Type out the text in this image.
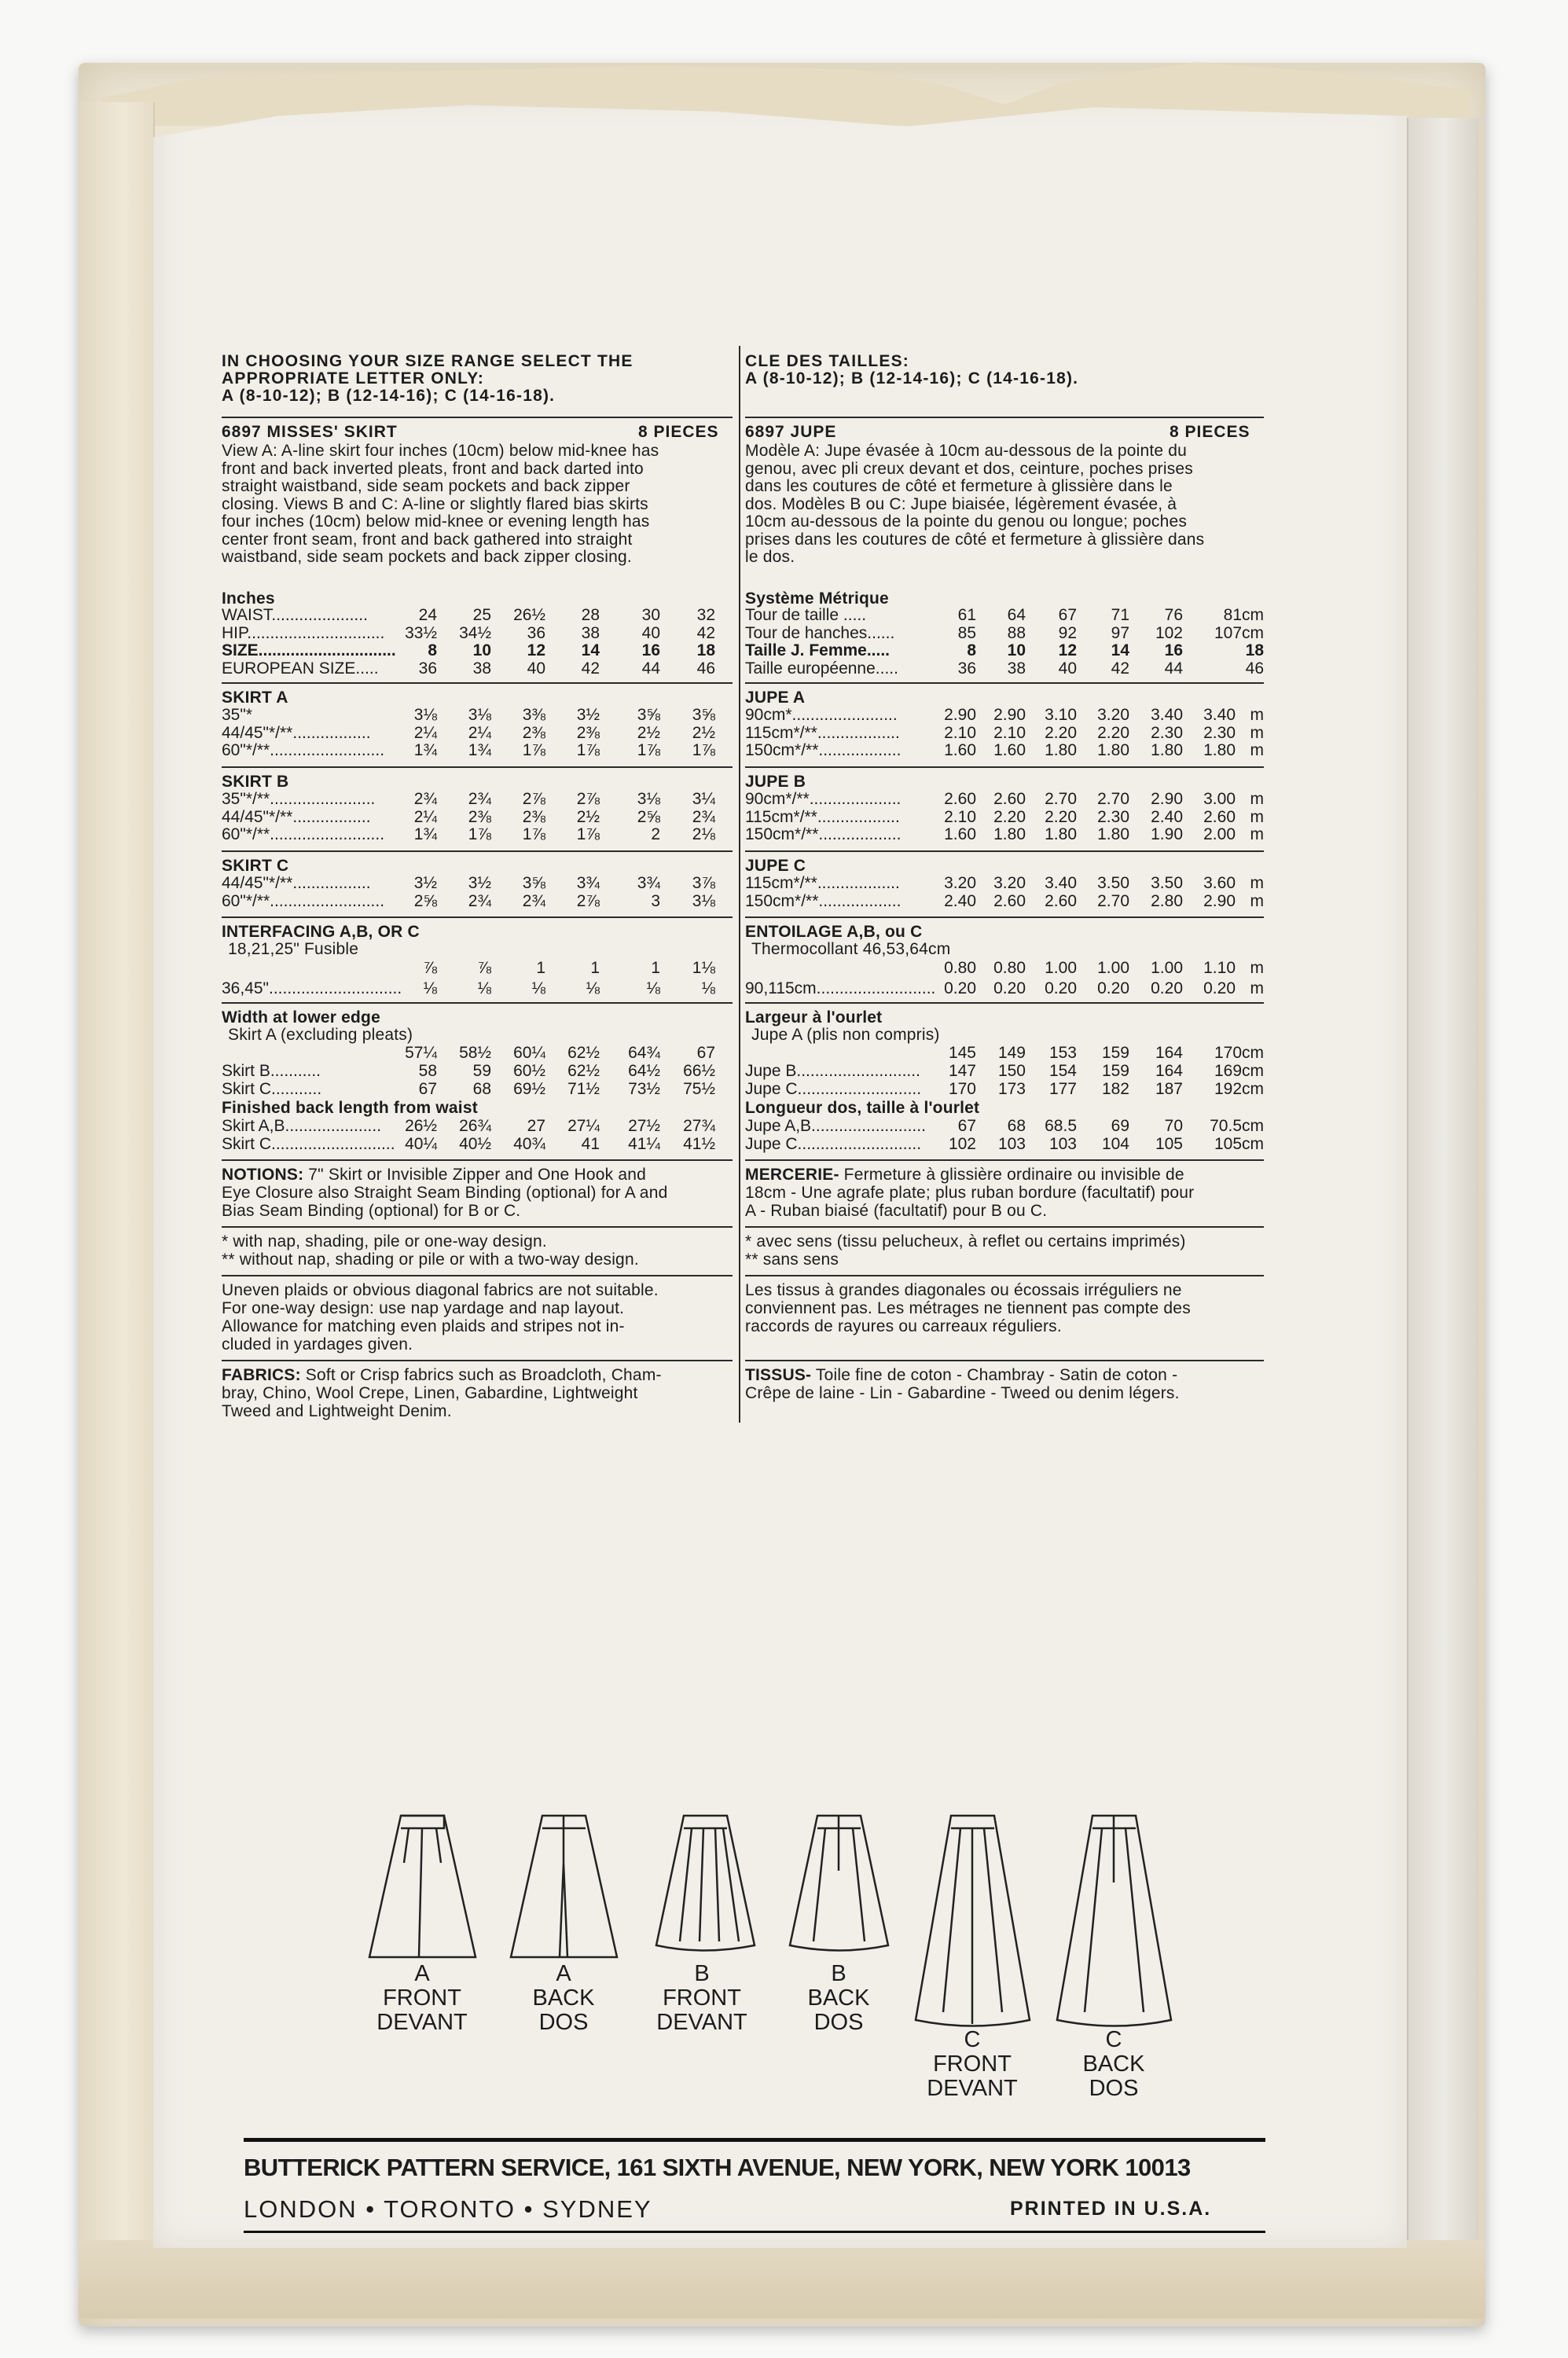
IN CHOOSING YOUR SIZE RANGE SELECT THE
APPROPRIATE LETTER ONLY:
A (8-10-12); B (12-14-16); C (14-16-18).
6897 MISSES' SKIRT	8 PIECES
View A: A-line skirt four inches (10cm) below mid-knee has
front and back inverted pleats, front and back darted into
straight waistband, side seam pockets and back zipper
closing. Views B and C: A-line or slightly flared bias skirts
four inches (10cm) below mid-knee or evening length has
center front seam, front and back gathered into straight
waistband, side seam pockets and back zipper closing.
Inches
WAIST.....................	24	25	26½	28	30	32
HIP..............................	33½	34½	36	38	40	42
SIZE..............................	8	10	12	14	16	18
EUROPEAN SIZE.....	36	38	40	42	44	46
SKIRT A
35"*	3⅛	3⅛	3⅜	3½	3⅝	3⅝
44/45"*/**.................	2¼	2¼	2⅜	2⅜	2½	2½
60"*/**.........................	1¾	1¾	1⅞	1⅞	1⅞	1⅞
SKIRT B
35"*/**.......................	2¾	2¾	2⅞	2⅞	3⅛	3¼
44/45"*/**.................	2¼	2⅜	2⅜	2½	2⅝	2¾
60"*/**.........................	1¾	1⅞	1⅞	1⅞	2	2⅛
SKIRT C
44/45"*/**.................	3½	3½	3⅝	3¾	3¾	3⅞
60"*/**.........................	2⅝	2¾	2¾	2⅞	3	3⅛
INTERFACING A,B, OR C
18,21,25" Fusible
⅞	⅞	1	1	1	1⅛
36,45".............................	⅛	⅛	⅛	⅛	⅛	⅛
Width at lower edge
Skirt A (excluding pleats)
57¼	58½	60¼	62½	64¾	67
Skirt B...........	58	59	60½	62½	64½	66½
Skirt C...........	67	68	69½	71½	73½	75½
Finished back length from waist
Skirt A,B.....................	26½	26¾	27	27¼	27½	27¾
Skirt C........................... 40¼	40½	40¾	41	41¼	41½
NOTIONS: 7" Skirt or Invisible Zipper and One Hook and
Eye Closure also Straight Seam Binding (optional) for A and
Bias Seam Binding (optional) for B or C.
* with nap, shading, pile or one-way design.
** without nap, shading or pile or with a two-way design.
Uneven plaids or obvious diagonal fabrics are not suitable.
For one-way design: use nap yardage and nap layout.
Allowance for matching even plaids and stripes not in-
cluded in yardages given.
FABRICS: Soft or Crisp fabrics such as Broadcloth, Cham-
bray, Chino, Wool Crepe, Linen, Gabardine, Lightweight
Tweed and Lightweight Denim.
CLE DES TAILLES:
A (8-10-12); B (12-14-16); C (14-16-18).
6897 JUPE	8 PIECES
Modèle A: Jupe évasée à 10cm au-dessous de la pointe du
genou, avec pli creux devant et dos, ceinture, poches prises
dans les coutures de côté et fermeture à glissière dans le
dos. Modèles B ou C: Jupe biaisée, légèrement évasée, à
10cm au-dessous de la pointe du genou ou longue; poches
prises dans les coutures de côté et fermeture à glissière dans
le dos.
Système Métrique
Tour de taille .....	61	64	67	71	76	81cm
Tour de hanches......	85	88	92	97	102	107cm
Taille J. Femme.....	8	10	12	14	16	18
Taille européenne.....	36	38	40	42	44	46
JUPE A
90cm*.......................	2.90	2.90	3.10	3.20	3.40	3.40 m
115cm*/**..................	2.10	2.10	2.20	2.20	2.30	2.30 m
150cm*/**..................	1.60	1.60	1.80	1.80	1.80	1.80 m
JUPE B
90cm*/**....................	2.60	2.60	2.70	2.70	2.90	3.00 m
115cm*/**..................	2.10	2.20	2.20	2.30	2.40	2.60 m
150cm*/**..................	1.60	1.80	1.80	1.80	1.90	2.00 m
JUPE C
115cm*/**..................	3.20	3.20	3.40	3.50	3.50	3.60 m
150cm*/**..................	2.40	2.60	2.60	2.70	2.80	2.90 m
ENTOILAGE A,B, ou C
Thermocollant 46,53,64cm
0.80	0.80	1.00	1.00	1.00	1.10 m
90,115cm.......................... 0.20	0.20	0.20	0.20	0.20	0.20 m
Largeur à l'ourlet
Jupe A (plis non compris)
145	149	153	159	164	170cm
Jupe B...........................	147	150	154	159	164	169cm
Jupe C...........................	170	173	177	182	187	192cm
Longueur dos, taille à l'ourlet
Jupe A,B.........................	67	68	68.5	69	70	70.5cm
Jupe C...........................	102	103	103	104	105	105cm
MERCERIE- Fermeture à glissière ordinaire ou invisible de
18cm - Une agrafe plate; plus ruban bordure (facultatif) pour
A - Ruban biaisé (facultatif) pour B ou C.
* avec sens (tissu pelucheux, à reflet ou certains imprimés)
** sans sens
Les tissus à grandes diagonales ou écossais irréguliers ne
conviennent pas. Les métrages ne tiennent pas compte des
raccords de rayures ou carreaux réguliers.
TISSUS- Toile fine de coton - Chambray - Satin de coton -
Crêpe de laine - Lin - Gabardine - Tweed ou denim légers.
A
FRONT
DEVANT
A
BACK
DOS
B
FRONT
DEVANT
B
BACK
DOS
C
FRONT
DEVANT
C
BACK
DOS
BUTTERICK PATTERN SERVICE, 161 SIXTH AVENUE, NEW YORK, NEW YORK 10013
LONDON • TORONTO • SYDNEY	PRINTED IN U.S.A.
